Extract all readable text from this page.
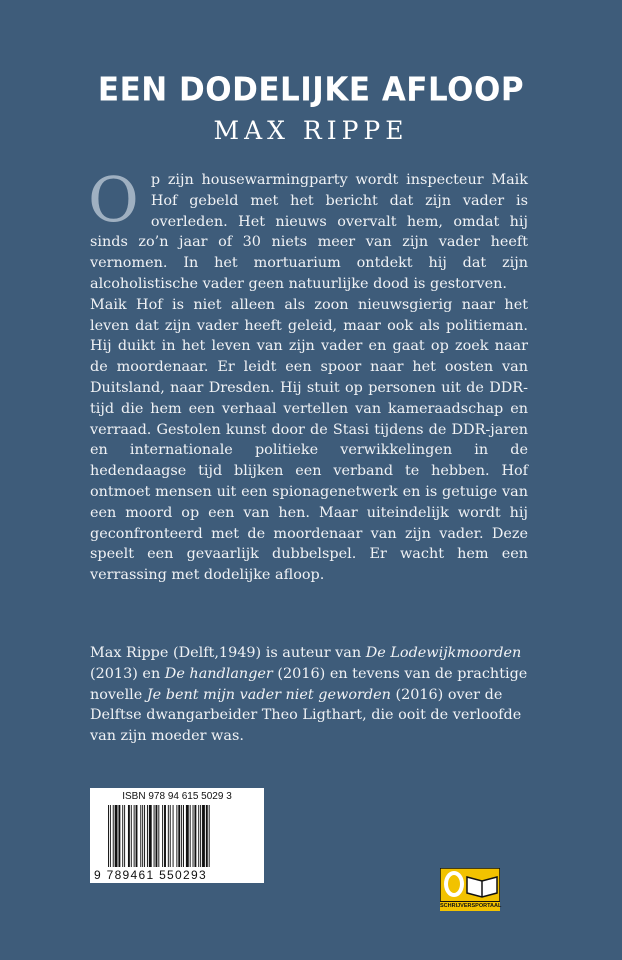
EEN DODELIJKE AFLOOP
MAX RIPPE

Op zijn housewarmingparty wordt inspecteur Maik Hof gebeld met het bericht dat zijn vader is overleden. Het nieuws overvalt hem, omdat hij sinds zo’n jaar of 30 niets meer van zijn vader heeft vernomen. In het mortuarium ontdekt hij dat zijn alcoholistische vader geen natuurlijke dood is gestorven.

Maik Hof is niet alleen als zoon nieuwsgierig naar het leven dat zijn vader heeft geleid, maar ook als politieman. Hij duikt in het leven van zijn vader en gaat op zoek naar de moordenaar. Er leidt een spoor naar het oosten van Duitsland, naar Dresden. Hij stuit op personen uit de DDR-tijd die hem een verhaal vertellen van kameraadschap en verraad. Gestolen kunst door de Stasi tijdens de DDR-jaren en internationale politieke verwikkelingen in de hedendaagse tijd blijken een verband te hebben. Hof ontmoet mensen uit een spionagenetwerk en is getuige van een moord op een van hen. Maar uiteindelijk wordt hij geconfronteerd met de moordenaar van zijn vader. Deze speelt een gevaarlijk dubbelspel. Er wacht hem een verrassing met dodelijke afloop.

Max Rippe (Delft,1949) is auteur van De Lodewijkmoorden (2013) en De handlanger (2016) en tevens van de prachtige novelle Je bent mijn vader niet geworden (2016) over de Delftse dwangarbeider Theo Ligthart, die ooit de verloofde van zijn moeder was.

ISBN 978 94 615 5029 3
9 789461 550293
SCHRIJVERSPORTAAL
